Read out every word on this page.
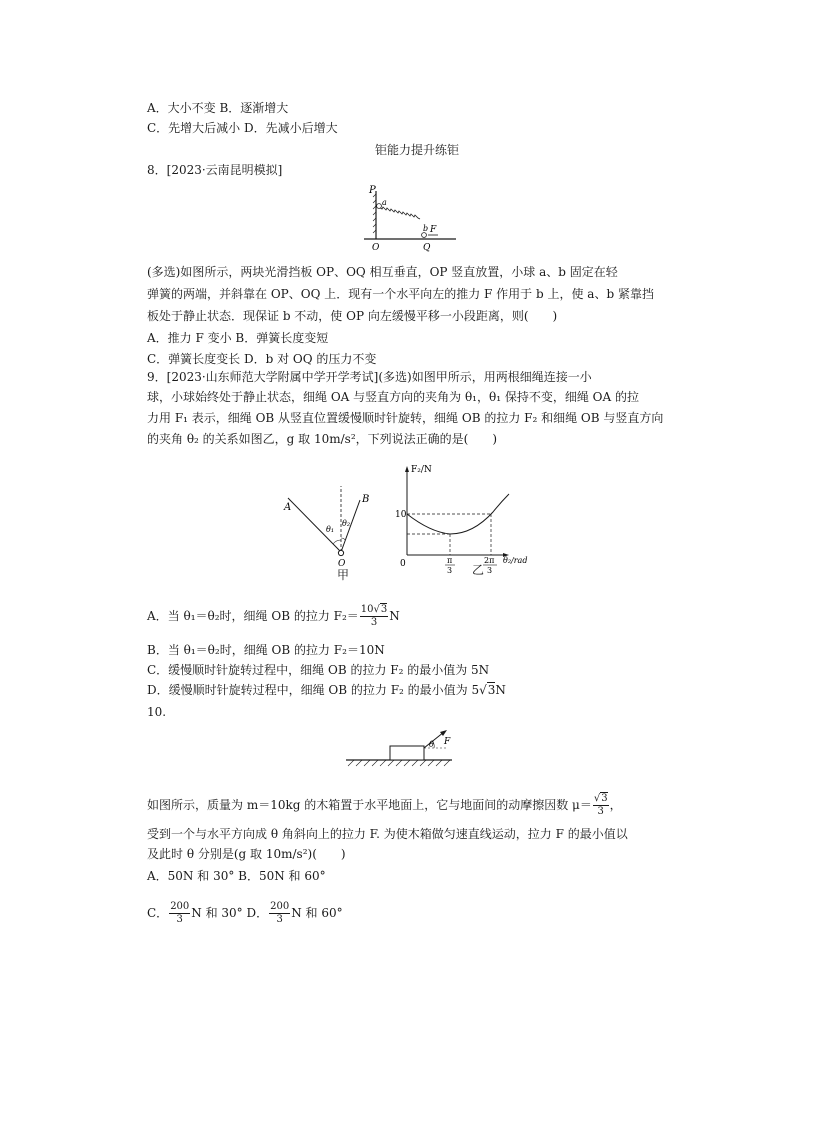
A．大小不变 B．逐渐增大
C．先增大后减小 D．先减小后增大
钜能力提升练钜
8．[2023·云南昆明模拟]
P
a
b F
O	Q
(多选)如图所示，两块光滑挡板 OP、OQ 相互垂直，OP 竖直放置，小球 a、b 固定在轻
弹簧的两端，并斜靠在 OP、OQ 上．现有一个水平向左的推力 F 作用于 b 上，使 a、b 紧靠挡
板处于静止状态．现保证 b 不动，使 OP 向左缓慢平移一小段距离，则(　　)
A．推力 F 变小 B．弹簧长度变短
C．弹簧长度变长 D．b 对 OQ 的压力不变
9．[2023·山东师范大学附属中学开学考试](多选)如图甲所示，用两根细绳连接一小
球，小球始终处于静止状态，细绳 OA 与竖直方向的夹角为 θ₁，θ₁ 保持不变，细绳 OA 的拉
力用 F₁ 表示，细绳 OB 从竖直位置缓慢顺时针旋转，细绳 OB 的拉力 F₂ 和细绳 OB 与竖直方向
的夹角 θ₂ 的关系如图乙，g 取 10m/s²，下列说法正确的是(　　)
A
B
θ₁
θ₂
O
甲
F₂/N
10
0	π
3
2π
3
θ₂/rad
乙
A．当 θ₁＝θ₂时，细绳 OB 的拉力 $F_2= \frac{10√3}{3}$ N
B．当 θ₁＝θ₂时，细绳 OB 的拉力 F₂＝10N
C．缓慢顺时针旋转过程中，细绳 OB 的拉力 F₂ 的最小值为 5N
D．缓慢顺时针旋转过程中，细绳 OB 的拉力 F₂ 的最小值为 5√3N
10.
θ F
如图所示，质量为 m＝10kg 的木箱置于水平地面上，它与地面间的动摩擦因数 $\mu= \frac{√3}{3}$ ，
受到一个与水平方向成 θ 角斜向上的拉力 F. 为使木箱做匀速直线运动，拉力 F 的最小值以
及此时 θ 分别是(g 取 10m/s²)(　　)
A．50N 和 30° B．50N 和 60°
C． $\frac{200}{3}$ N 和 30° D． $\frac{200}{3}$ N 和 60°
